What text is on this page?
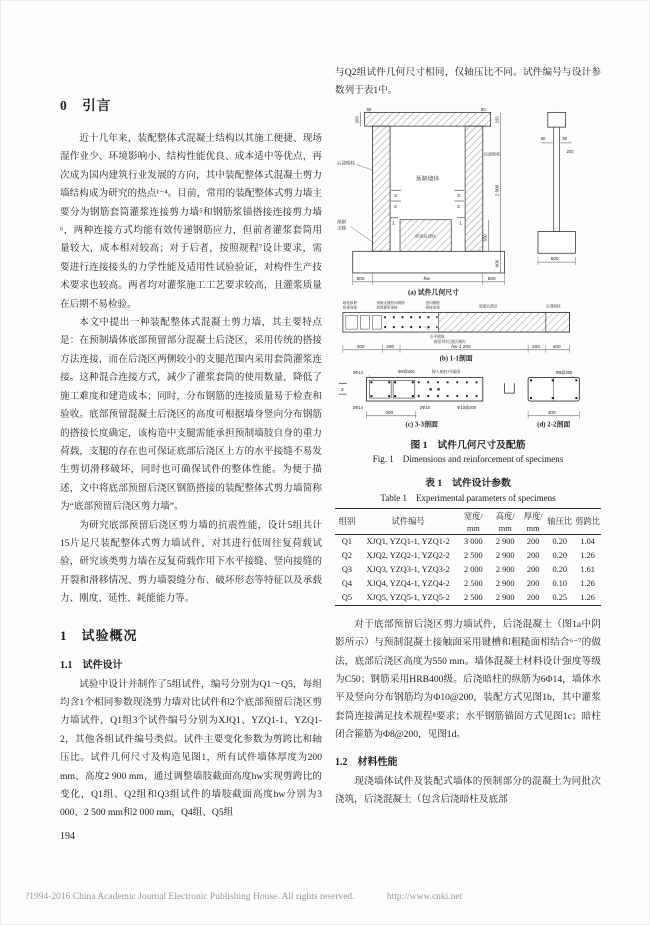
0　引言

近十几年来，装配整体式混凝土结构以其施工便捷、现场湿作业少、环境影响小、结构性能优良、成本适中等优点，再次成为国内建筑行业发展的方向，其中装配整体式混凝土剪力墙结构成为研究的热点¹⁻⁴。目前，常用的装配整体式剪力墙主要分为钢筋套筒灌浆连接剪力墙⁵和钢筋浆锚搭接连接剪力墙⁶，两种连接方式均能有效传递钢筋应力，但前者灌浆套筒用量较大，成本相对较高；对于后者，按照规程⁷设计要求，需要进行连接接头的力学性能及适用性试验验证，对构件生产技术要求也较高。两者均对灌浆施工工艺要求较高，且灌浆质量在后期不易检验。

本文中提出一种装配整体式混凝土剪力墙，其主要特点是：在预制墙体底部预留部分混凝土后浇区，采用传统的搭接方法连接，而在后浇区两侧较小的支腿范围内采用套筒灌浆连接。这种混合连接方式，减少了灌浆套筒的使用数量，降低了施工难度和建造成本；同时，分布钢筋的连接质量易于检查和验收。底部预留混凝土后浇区的高度可根据墙身竖向分布钢筋的搭接长度确定，该构造中支腿需能承担预制墙肢自身的重力荷载，支腿的存在也可保证底部后浇区上方的水平接缝不易发生剪切滑移破坏，同时也可确保试件的整体性能。为便于描述，文中将底部预留后浇区钢筋搭接的装配整体式剪力墙简称为“底部预留后浇区剪力墙”。

为研究底部预留后浇区剪力墙的抗震性能，设计5组共计15片足尺装配整体式剪力墙试件，对其进行低周往复荷载试验，研究该类剪力墙在反复荷载作用下水平接缝、竖向接缝的开裂和滑移情况、剪力墙裂缝分布、破坏形态等特征以及承载力、刚度、延性、耗能能力等。

1　试验概况
1.1　试件设计

试验中设计并制作了5组试件，编号分别为Q1～Q5，每组均含1个相同参数现浇剪力墙对比试件和2个底部预留后浇区剪力墙试件，Q1组3个试件编号分别为XJQ1、YZQ1-1、YZQ1-2，其他各组试件编号类似。试件主要变化参数为剪跨比和轴压比。试件几何尺寸及构造见图1，所有试件墙体厚度为200 mm、高度2 900 mm，通过调整墙肢截面高度hw实现剪跨比的变化，Q1组、Q2组和Q3组试件的墙肢截面高度hw分别为3 000、2 500 mm和2 000 mm，Q4组、Q5组

194

与Q2组试件几何尺寸相同，仅轴压比不同。试件编号与设计参数列于表1中。

预制墙体
底部后浇区
后浇暗柱
后浇暗柱
预制
支腿
3
2
3
2
1	1
50	50
200
550
2 900
600
150
500	hw	500
50	50
200
500
(a) 试件几何尺寸
暗柱纵筋
搭接连接
预制支腿竖向钢筋
套筒灌浆连接
竖向钢筋
搭接连接	底部后浇区	后浇暗柱
水平钢筋
预留T形后浇区域内
400	200	hw-1 200	200	400
(b) 1-1剖面
3
3Φ14	Φ8@200	伸入暗柱内锚固
3Φ14	2Φ16	Φ10@200
400
(c) 3-3剖面
Φ8@200
400
(d) 2-2剖面
图 1　试件几何尺寸及配筋
Fig. 1　Dimensions and reinforcement of specimens
表 1　试件设计参数
Table 1　Experimental parameters of specimens
组别	试件编号	宽度/	高度/	厚度/	轴压比	剪跨比
		mm	mm	mm		
Q1	XJQ1, YZQ1-1, YZQ1-2	3 000	2 900	200	0.20	1.04
Q2	XJQ2, YZQ2-1, YZQ2-2	2 500	2 900	200	0.20	1.26
Q3	XJQ3, YZQ3-1, YZQ3-2	2 000	2 900	200	0.20	1.61
Q4	XJQ4, YZQ4-1, YZQ4-2	2 500	2 900	200	0.10	1.26
Q5	XJQ5, YZQ5-1, YZQ5-2	2 500	2 900	200	0.25	1.26

对于底部预留后浇区剪力墙试件，后浇混凝土（图1a中阴影所示）与预制混凝土接触面采用键槽和粗糙面相结合⁶⁻⁷的做法，底部后浇区高度为550 mm。墙体混凝土材料设计强度等级为C50；钢筋采用HRB400级。后浇暗柱的纵筋为6Φ14，墙体水平及竖向分布钢筋均为Φ10@200，装配方式见图1b，其中灌浆套筒连接满足技术规程⁸要求；水平钢筋锚固方式见图1c；暗柱闭合箍筋为Φ8@200，见图1d。

1.2　材料性能

现浇墙体试件及装配式墙体的预制部分的混凝土为同批次浇筑，后浇混凝土（包含后浇暗柱及底部

?1994-2016 China Academic Journal Electronic Publishing House. All rights reserved.	http://www.cnki.net
